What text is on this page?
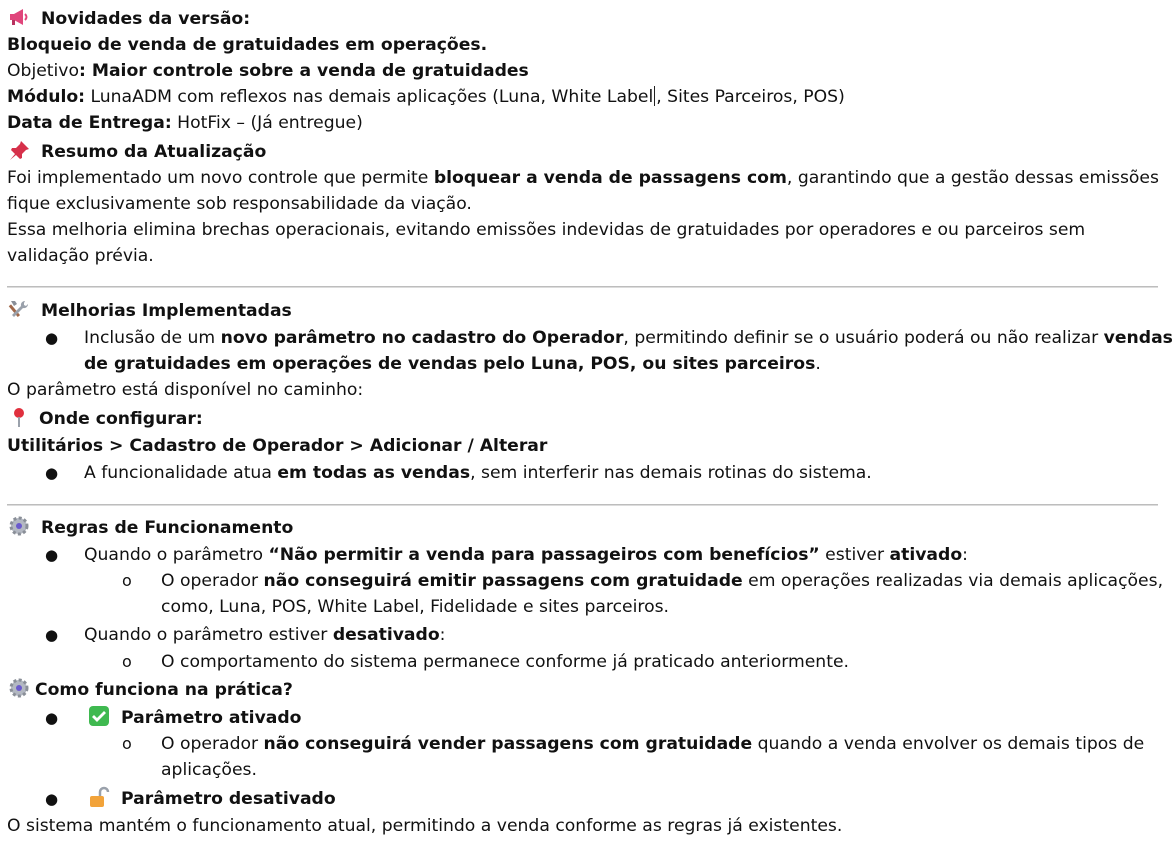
Novidades da versão:
Bloqueio de venda de gratuidades em operações.
Objetivo: Maior controle sobre a venda de gratuidades
Módulo: LunaADM com reflexos nas demais aplicações (Luna, White Label , Sites Parceiros, POS)
Data de Entrega: HotFix – (Já entregue)
Resumo da Atualização
Foi implementado um novo controle que permite bloquear a venda de passagens com, garantindo que a gestão dessas emissões
fique exclusivamente sob responsabilidade da viação.
Essa melhoria elimina brechas operacionais, evitando emissões indevidas de gratuidades por operadores e ou parceiros sem
validação prévia.
Melhorias Implementadas
● Inclusão de um novo parâmetro no cadastro do Operador, permitindo definir se o usuário poderá ou não realizar vendas
de gratuidades em operações de vendas pelo Luna, POS, ou sites parceiros.
O parâmetro está disponível no caminho:
Onde configurar:
Utilitários > Cadastro de Operador > Adicionar / Alterar
● A funcionalidade atua em todas as vendas, sem interferir nas demais rotinas do sistema.
Regras de Funcionamento
● Quando o parâmetro “Não permitir a venda para passageiros com benefícios” estiver ativado:
o O operador não conseguirá emitir passagens com gratuidade em operações realizadas via demais aplicações,
como, Luna, POS, White Label, Fidelidade e sites parceiros.
● Quando o parâmetro estiver desativado:
o O comportamento do sistema permanece conforme já praticado anteriormente.
Como funciona na prática?
●	Parâmetro ativado
o O operador não conseguirá vender passagens com gratuidade quando a venda envolver os demais tipos de
aplicações.
●	Parâmetro desativado
O sistema mantém o funcionamento atual, permitindo a venda conforme as regras já existentes.
